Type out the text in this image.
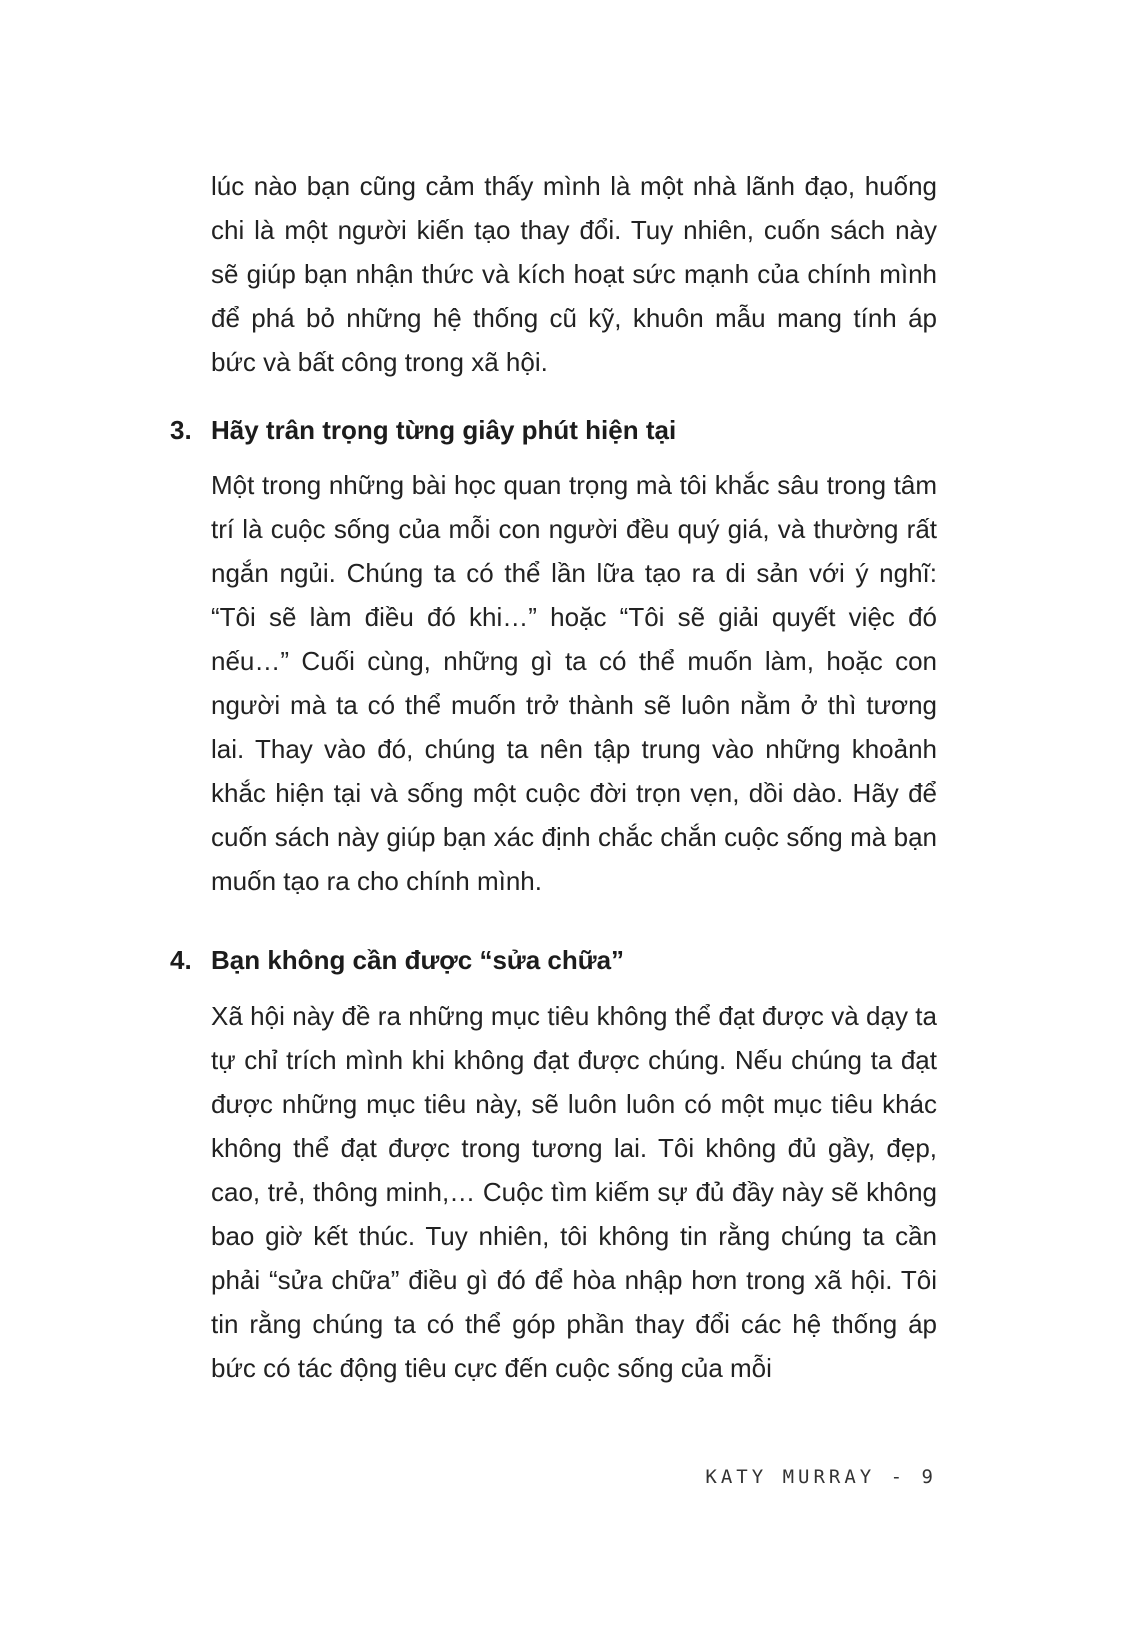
lúc nào bạn cũng cảm thấy mình là một nhà lãnh đạo, huống chi là một người kiến tạo thay đổi. Tuy nhiên, cuốn sách này sẽ giúp bạn nhận thức và kích hoạt sức mạnh của chính mình để phá bỏ những hệ thống cũ kỹ, khuôn mẫu mang tính áp bức và bất công trong xã hội.

3. Hãy trân trọng từng giây phút hiện tại

Một trong những bài học quan trọng mà tôi khắc sâu trong tâm trí là cuộc sống của mỗi con người đều quý giá, và thường rất ngắn ngủi. Chúng ta có thể lần lữa tạo ra di sản với ý nghĩ: “Tôi sẽ làm điều đó khi…” hoặc “Tôi sẽ giải quyết việc đó nếu…” Cuối cùng, những gì ta có thể muốn làm, hoặc con người mà ta có thể muốn trở thành sẽ luôn nằm ở thì tương lai. Thay vào đó, chúng ta nên tập trung vào những khoảnh khắc hiện tại và sống một cuộc đời trọn vẹn, dồi dào. Hãy để cuốn sách này giúp bạn xác định chắc chắn cuộc sống mà bạn muốn tạo ra cho chính mình.

4. Bạn không cần được “sửa chữa”

Xã hội này đề ra những mục tiêu không thể đạt được và dạy ta tự chỉ trích mình khi không đạt được chúng. Nếu chúng ta đạt được những mục tiêu này, sẽ luôn luôn có một mục tiêu khác không thể đạt được trong tương lai. Tôi không đủ gầy, đẹp, cao, trẻ, thông minh,… Cuộc tìm kiếm sự đủ đầy này sẽ không bao giờ kết thúc. Tuy nhiên, tôi không tin rằng chúng ta cần phải “sửa chữa” điều gì đó để hòa nhập hơn trong xã hội. Tôi tin rằng chúng ta có thể góp phần thay đổi các hệ thống áp bức có tác động tiêu cực đến cuộc sống của mỗi

KATY MURRAY - 9
